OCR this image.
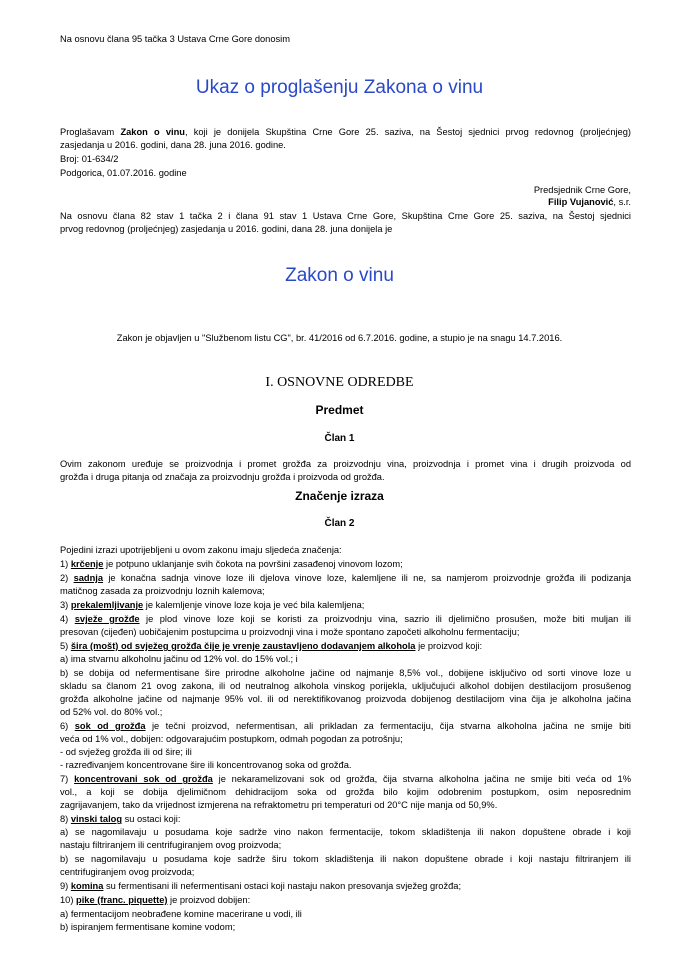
Na osnovu člana 95 tačka 3 Ustava Crne Gore donosim
Ukaz o proglašenju Zakona o vinu
Proglašavam Zakon o vinu, koji je donijela Skupština Crne Gore 25. saziva, na Šestoj sjednici prvog redovnog (proljećnjeg)
zasjedanja u 2016. godini, dana 28. juna 2016. godine.
Broj: 01-634/2
Podgorica, 01.07.2016. godine
Predsjednik Crne Gore,
Filip Vujanović, s.r.
Na osnovu člana 82 stav 1 tačka 2 i člana 91 stav 1 Ustava Crne Gore, Skupština Crne Gore 25. saziva, na Šestoj sjednici
prvog redovnog (proljećnjeg) zasjedanja u 2016. godini, dana 28. juna donijela je
Zakon o vinu
Zakon je objavljen u "Službenom listu CG", br. 41/2016 od 6.7.2016. godine, a stupio je na snagu 14.7.2016.
I. OSNOVNE ODREDBE
Predmet
Član 1
Ovim zakonom uređuje se proizvodnja i promet grožđa za proizvodnju vina, proizvodnja i promet vina i drugih proizvoda od
grožđa i druga pitanja od značaja za proizvodnju grožđa i proizvoda od grožđa.
Značenje izraza
Član 2
Pojedini izrazi upotrijebljeni u ovom zakonu imaju sljedeća značenja:
1) krčenje je potpuno uklanjanje svih čokota na površini zasađenoj vinovom lozom;
2) sadnja je konačna sadnja vinove loze ili djelova vinove loze, kalemljene ili ne, sa namjerom proizvodnje grožđa ili podizanja
matičnog zasada za proizvodnju loznih kalemova;
3) prekalemljivanje je kalemljenje vinove loze koja je već bila kalemljena;
4) svježe grožđe je plod vinove loze koji se koristi za proizvodnju vina, sazrio ili djelimično prosušen, može biti muljan ili
presovan (cijeđen) uobičajenim postupcima u proizvodnji vina i može spontano započeti alkoholnu fermentaciju;
5) šira (mošt) od svježeg grožđa čije je vrenje zaustavljeno dodavanjem alkohola je proizvod koji:
a) ima stvarnu alkoholnu jačinu od 12% vol. do 15% vol.; i
b) se dobija od nefermentisane šire prirodne alkoholne jačine od najmanje 8,5% vol., dobijene isključivo od sorti vinove loze u
skladu sa članom 21 ovog zakona, ili od neutralnog alkohola vinskog porijekla, uključujući alkohol dobijen destilacijom prosušenog
grožđa alkoholne jačine od najmanje 95% vol. ili od nerektifikovanog proizvoda dobijenog destilacijom vina čija je alkoholna jačina
od 52% vol. do 80% vol.;
6) sok od grožđa je tečni proizvod, nefermentisan, ali prikladan za fermentaciju, čija stvarna alkoholna jačina ne smije biti
veća od 1% vol., dobijen: odgovarajućim postupkom, odmah pogodan za potrošnju;
- od svježeg grožđa ili od šire; ili
- razređivanjem koncentrovane šire ili koncentrovanog soka od grožđa.
7) koncentrovani sok od grožđa je nekaramelizovani sok od grožđa, čija stvarna alkoholna jačina ne smije biti veća od 1%
vol., a koji se dobija djelimičnom dehidracijom soka od grožđa bilo kojim odobrenim postupkom, osim neposrednim
zagrijavanjem, tako da vrijednost izmjerena na refraktometru pri temperaturi od 20°C nije manja od 50,9%.
8) vinski talog su ostaci koji:
a) se nagomilavaju u posudama koje sadrže vino nakon fermentacije, tokom skladištenja ili nakon dopuštene obrade i koji
nastaju filtriranjem ili centrifugiranjem ovog proizvoda;
b) se nagomilavaju u posudama koje sadrže širu tokom skladištenja ili nakon dopuštene obrade i koji nastaju filtriranjem ili
centrifugiranjem ovog proizvoda;
9) komina su fermentisani ili nefermentisani ostaci koji nastaju nakon presovanja svježeg grožđa;
10) pike (franc. piquette) je proizvod dobijen:
a) fermentacijom neobrađene komine macerirane u vodi, ili
b) ispiranjem fermentisane komine vodom;
